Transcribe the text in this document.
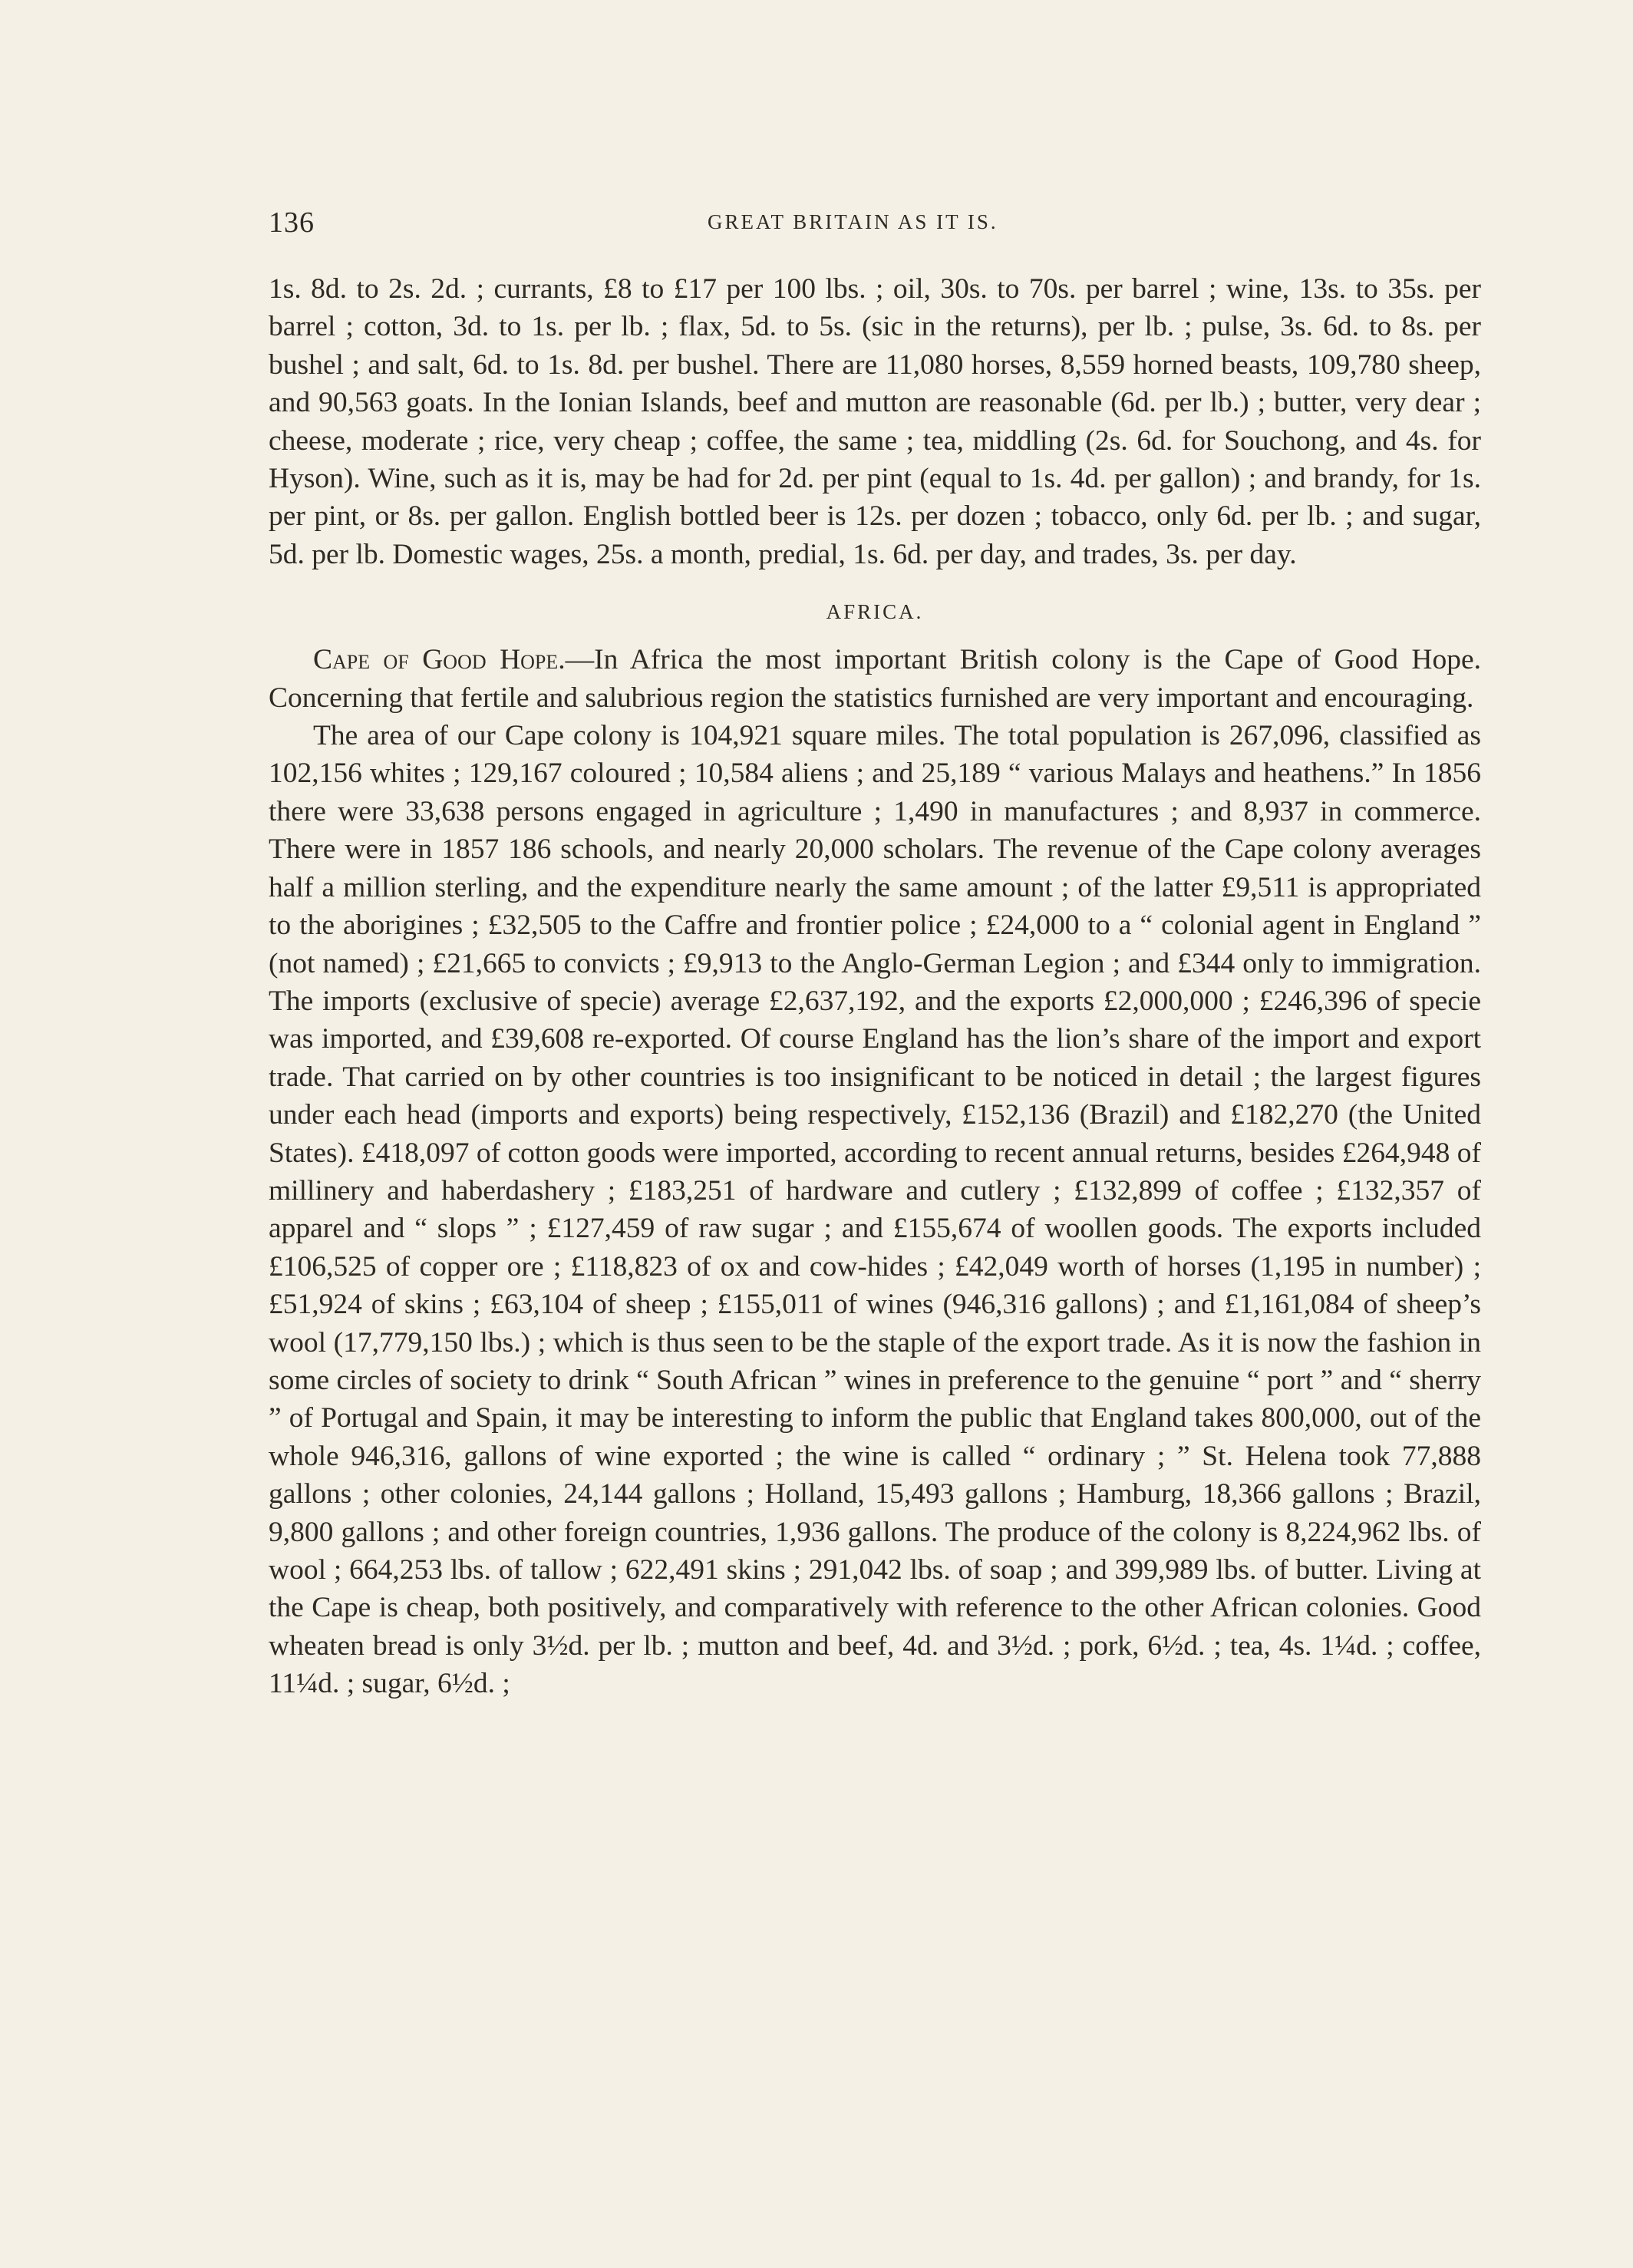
136	GREAT BRITAIN AS IT IS.

1s. 8d. to 2s. 2d. ; currants, £8 to £17 per 100 lbs. ; oil, 30s. to 70s. per barrel ; wine, 13s. to 35s. per barrel ; cotton, 3d. to 1s. per lb. ; flax, 5d. to 5s. (sic in the returns), per lb. ; pulse, 3s. 6d. to 8s. per bushel ; and salt, 6d. to 1s. 8d. per bushel. There are 11,080 horses, 8,559 horned beasts, 109,780 sheep, and 90,563 goats. In the Ionian Islands, beef and mutton are reasonable (6d. per lb.) ; butter, very dear ; cheese, moderate ; rice, very cheap ; coffee, the same ; tea, middling (2s. 6d. for Souchong, and 4s. for Hyson). Wine, such as it is, may be had for 2d. per pint (equal to 1s. 4d. per gallon) ; and brandy, for 1s. per pint, or 8s. per gallon. English bottled beer is 12s. per dozen ; tobacco, only 6d. per lb. ; and sugar, 5d. per lb. Domestic wages, 25s. a month, predial, 1s. 6d. per day, and trades, 3s. per day.

AFRICA.

Cape of Good Hope.—In Africa the most important British colony is the Cape of Good Hope. Concerning that fertile and salubrious region the statistics furnished are very important and encouraging.

The area of our Cape colony is 104,921 square miles. The total population is 267,096, classified as 102,156 whites ; 129,167 coloured ; 10,584 aliens ; and 25,189 “ various Malays and heathens.” In 1856 there were 33,638 persons engaged in agriculture ; 1,490 in manufactures ; and 8,937 in commerce. There were in 1857 186 schools, and nearly 20,000 scholars. The revenue of the Cape colony averages half a million sterling, and the expenditure nearly the same amount ; of the latter £9,511 is appropriated to the aborigines ; £32,505 to the Caffre and frontier police ; £24,000 to a “ colonial agent in England ” (not named) ; £21,665 to convicts ; £9,913 to the Anglo-German Legion ; and £344 only to immigration. The imports (exclusive of specie) average £2,637,192, and the exports £2,000,000 ; £246,396 of specie was imported, and £39,608 re-exported. Of course England has the lion’s share of the import and export trade. That carried on by other countries is too insignificant to be noticed in detail ; the largest figures under each head (imports and exports) being respectively, £152,136 (Brazil) and £182,270 (the United States). £418,097 of cotton goods were imported, according to recent annual returns, besides £264,948 of millinery and haberdashery ; £183,251 of hardware and cutlery ; £132,899 of coffee ; £132,357 of apparel and “ slops ” ; £127,459 of raw sugar ; and £155,674 of woollen goods. The exports included £106,525 of copper ore ; £118,823 of ox and cow-hides ; £42,049 worth of horses (1,195 in number) ; £51,924 of skins ; £63,104 of sheep ; £155,011 of wines (946,316 gallons) ; and £1,161,084 of sheep’s wool (17,779,150 lbs.) ; which is thus seen to be the staple of the export trade. As it is now the fashion in some circles of society to drink “ South African ” wines in preference to the genuine “ port ” and “ sherry ” of Portugal and Spain, it may be interesting to inform the public that England takes 800,000, out of the whole 946,316, gallons of wine exported ; the wine is called “ ordinary ; ” St. Helena took 77,888 gallons ; other colonies, 24,144 gallons ; Holland, 15,493 gallons ; Hamburg, 18,366 gallons ; Brazil, 9,800 gallons ; and other foreign countries, 1,936 gallons. The produce of the colony is 8,224,962 lbs. of wool ; 664,253 lbs. of tallow ; 622,491 skins ; 291,042 lbs. of soap ; and 399,989 lbs. of butter. Living at the Cape is cheap, both positively, and comparatively with reference to the other African colonies. Good wheaten bread is only 3½d. per lb. ; mutton and beef, 4d. and 3½d. ; pork, 6½d. ; tea, 4s. 1¼d. ; coffee, 11¼d. ; sugar, 6½d. ;
